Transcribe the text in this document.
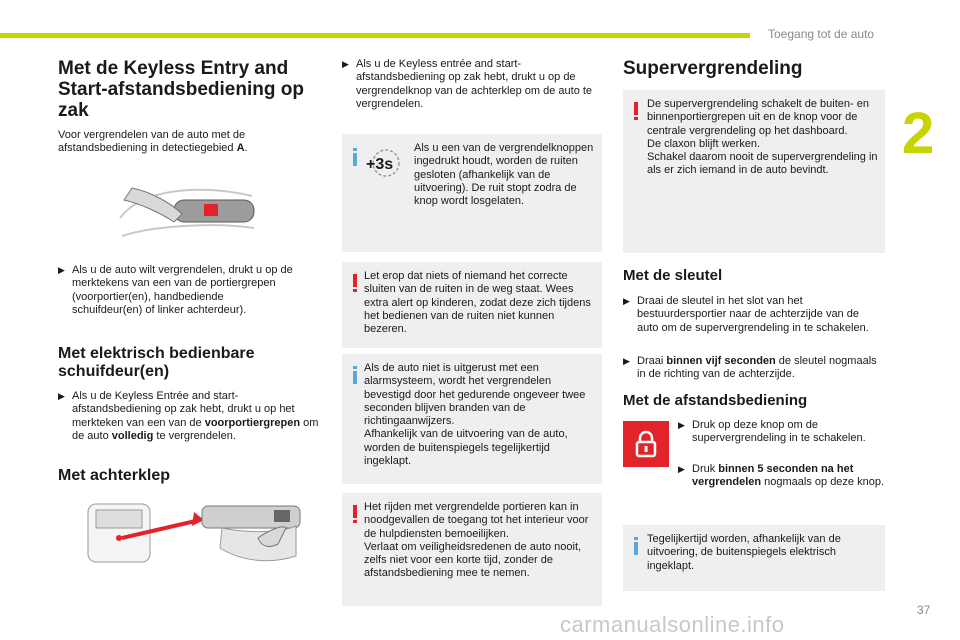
Toegang tot de auto
2
Met de Keyless Entry and Start-afstandsbediening op zak

Voor vergrendelen van de auto met de afstandsbediening in detectiegebied A.

▶ Als u de auto wilt vergrendelen, drukt u op de merktekens van een van de portiergrepen (voorportier(en), handbediende schuifdeur(en) of linker achterdeur).
Met elektrisch bedienbare schuifdeur(en)
▶ Als u de Keyless Entrée and start-afstandsbediening op zak hebt, drukt u op het merkteken van een van de voorportiergrepen om de auto volledig te vergrendelen.
Met achterklep
▶ Als u de Keyless entrée and start-afstandsbediening op zak hebt, drukt u op de vergrendelknop van de achterklep om de auto te vergrendelen.
Als u een van de vergrendelknoppen ingedrukt houdt, worden de ruiten gesloten (afhankelijk van de uitvoering). De ruit stopt zodra de knop wordt losgelaten.
+3s
Let erop dat niets of niemand het correcte sluiten van de ruiten in de weg staat. Wees extra alert op kinderen, zodat deze zich tijdens het bedienen van de ruiten niet kunnen bezeren.
Als de auto niet is uitgerust met een alarmsysteem, wordt het vergrendelen bevestigd door het gedurende ongeveer twee seconden blijven branden van de richtingaanwijzers.
Afhankelijk van de uitvoering van de auto, worden de buitenspiegels tegelijkertijd ingeklapt.
Het rijden met vergrendelde portieren kan in noodgevallen de toegang tot het interieur voor de hulpdiensten bemoeilijken.
Verlaat om veiligheidsredenen de auto nooit, zelfs niet voor een korte tijd, zonder de afstandsbediening mee te nemen.
Supervergrendeling
De supervergrendeling schakelt de buiten- en binnenportiergrepen uit en de knop voor de centrale vergrendeling op het dashboard.
De claxon blijft werken.
Schakel daarom nooit de supervergrendeling in als er zich iemand in de auto bevindt.
Met de sleutel
▶ Draai de sleutel in het slot van het bestuurdersportier naar de achterzijde van de auto om de supervergrendeling in te schakelen.
▶ Draai binnen vijf seconden de sleutel nogmaals in de richting van de achterzijde.
Met de afstandsbediening
▶ Druk op deze knop om de supervergrendeling in te schakelen.
▶ Druk binnen 5 seconden na het vergrendelen nogmaals op deze knop.
Tegelijkertijd worden, afhankelijk van de uitvoering, de buitenspiegels elektrisch ingeklapt.
carmanualsonline.info
37
